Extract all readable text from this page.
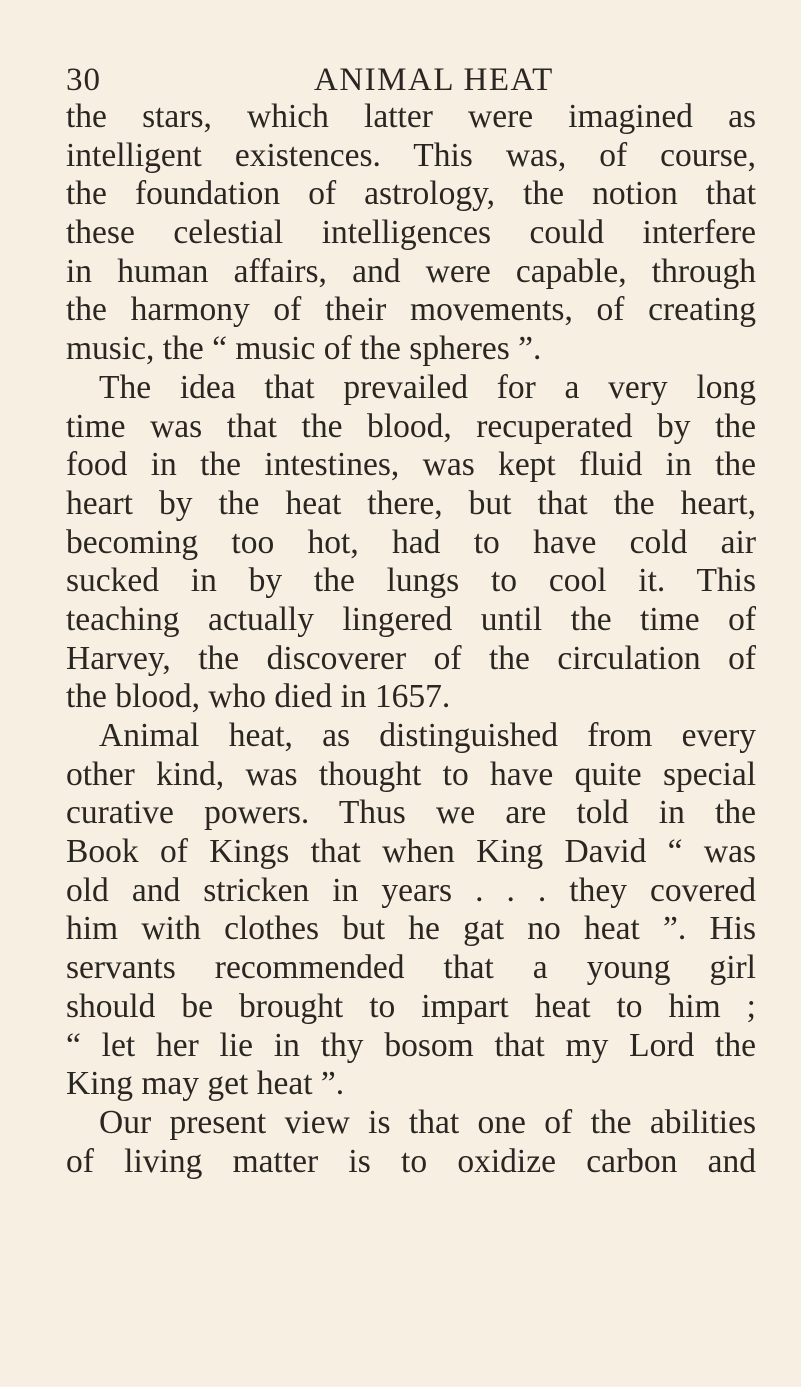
30	ANIMAL HEAT
the stars, which latter were imagined as
intelligent existences. This was, of course,
the foundation of astrology, the notion that
these celestial intelligences could interfere
in human affairs, and were capable, through
the harmony of their movements, of creating
music, the “ music of the spheres ”.
The idea that prevailed for a very long
time was that the blood, recuperated by the
food in the intestines, was kept fluid in the
heart by the heat there, but that the heart,
becoming too hot, had to have cold air
sucked in by the lungs to cool it. This
teaching actually lingered until the time of
Harvey, the discoverer of the circulation of
the blood, who died in 1657.
Animal heat, as distinguished from every
other kind, was thought to have quite special
curative powers. Thus we are told in the
Book of Kings that when King David “ was
old and stricken in years . . . they covered
him with clothes but he gat no heat ”. His
servants recommended that a young girl
should be brought to impart heat to him ;
“ let her lie in thy bosom that my Lord the
King may get heat ”.
Our present view is that one of the abilities
of living matter is to oxidize carbon and
